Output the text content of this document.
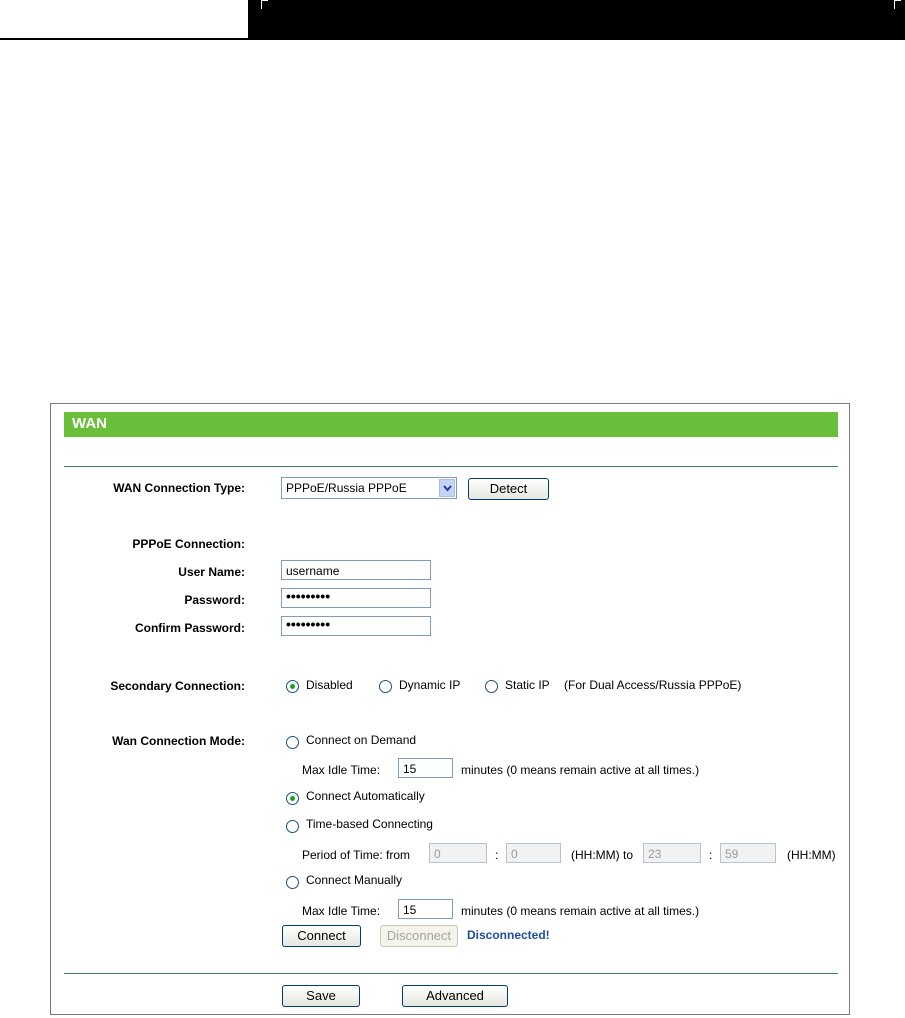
WAN
WAN Connection Type:	PPPoE/Russia PPPoE	Detect
PPPoE Connection:
User Name:	username
Password:	•••••••••
Confirm Password:	•••••••••
Secondary Connection:	Disabled	Dynamic IP	Static IP (For Dual Access/Russia PPPoE)
Wan Connection Mode:	Connect on Demand
Max Idle Time:	15	minutes (0 means remain active at all times.)
Connect Automatically
Time-based Connecting
Period of Time: from	0	:	0	(HH:MM) to	23	:	59	(HH:MM)
Connect Manually
Max Idle Time:	15	minutes (0 means remain active at all times.)
Connect	Disconnect	Disconnected!
Save	Advanced
